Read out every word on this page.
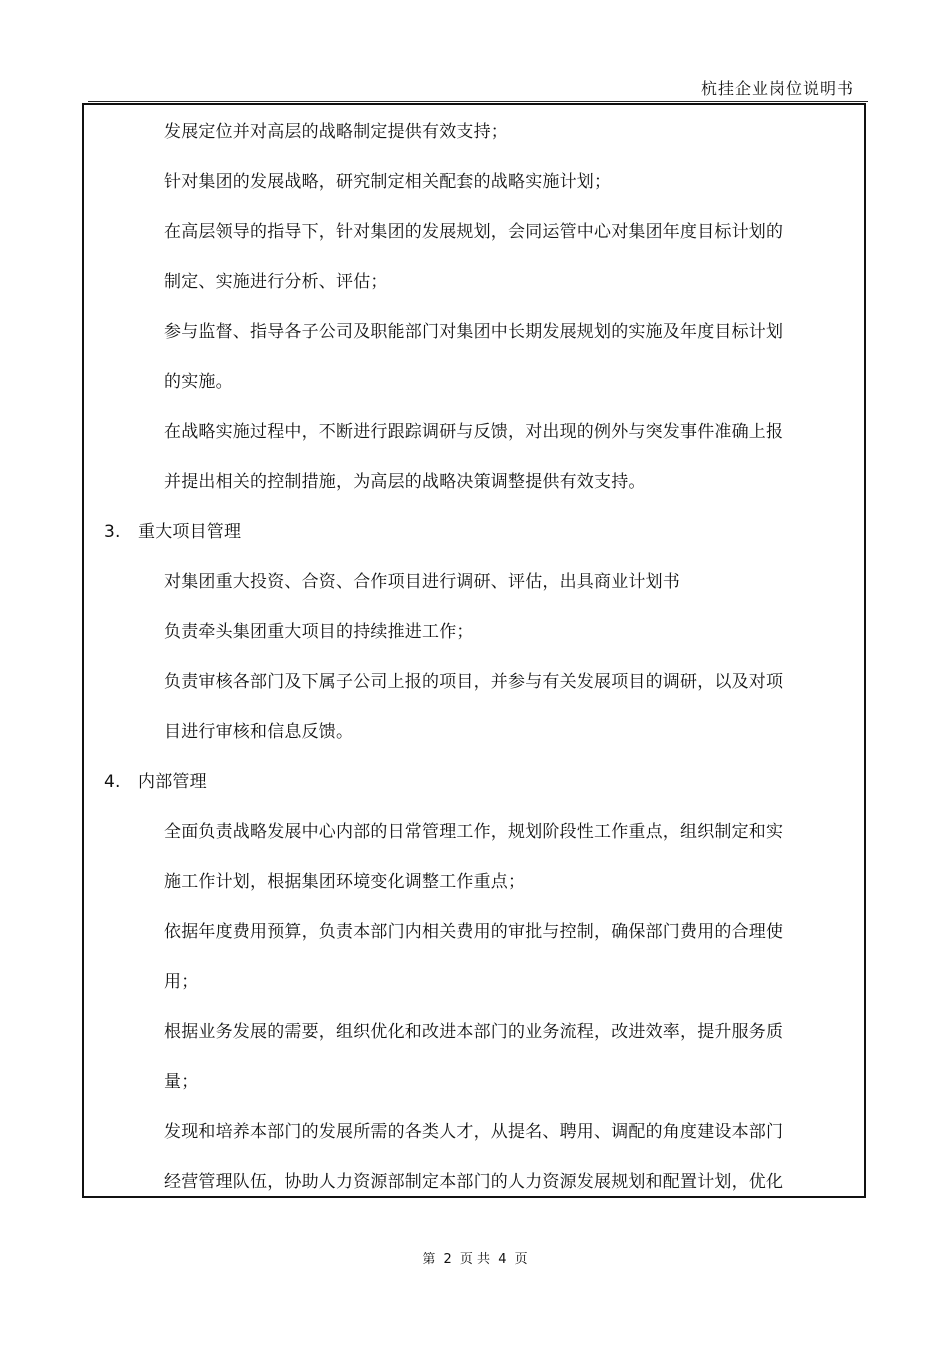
杭挂企业岗位说明书
发展定位并对高层的战略制定提供有效支持；
针对集团的发展战略，研究制定相关配套的战略实施计划；
在高层领导的指导下，针对集团的发展规划，会同运管中心对集团年度目标计划的
制定、实施进行分析、评估；
参与监督、指导各子公司及职能部门对集团中长期发展规划的实施及年度目标计划
的实施。
在战略实施过程中，不断进行跟踪调研与反馈，对出现的例外与突发事件准确上报
并提出相关的控制措施，为高层的战略决策调整提供有效支持。
3. 重大项目管理
对集团重大投资、合资、合作项目进行调研、评估，出具商业计划书
负责牵头集团重大项目的持续推进工作；
负责审核各部门及下属子公司上报的项目，并参与有关发展项目的调研，以及对项
目进行审核和信息反馈。
4. 内部管理
全面负责战略发展中心内部的日常管理工作，规划阶段性工作重点，组织制定和实
施工作计划，根据集团环境变化调整工作重点；
依据年度费用预算，负责本部门内相关费用的审批与控制，确保部门费用的合理使
用；
根据业务发展的需要，组织优化和改进本部门的业务流程，改进效率，提升服务质
量；
发现和培养本部门的发展所需的各类人才，从提名、聘用、调配的角度建设本部门
经营管理队伍，协助人力资源部制定本部门的人力资源发展规划和配置计划，优化
第 2 页 共 4 页
